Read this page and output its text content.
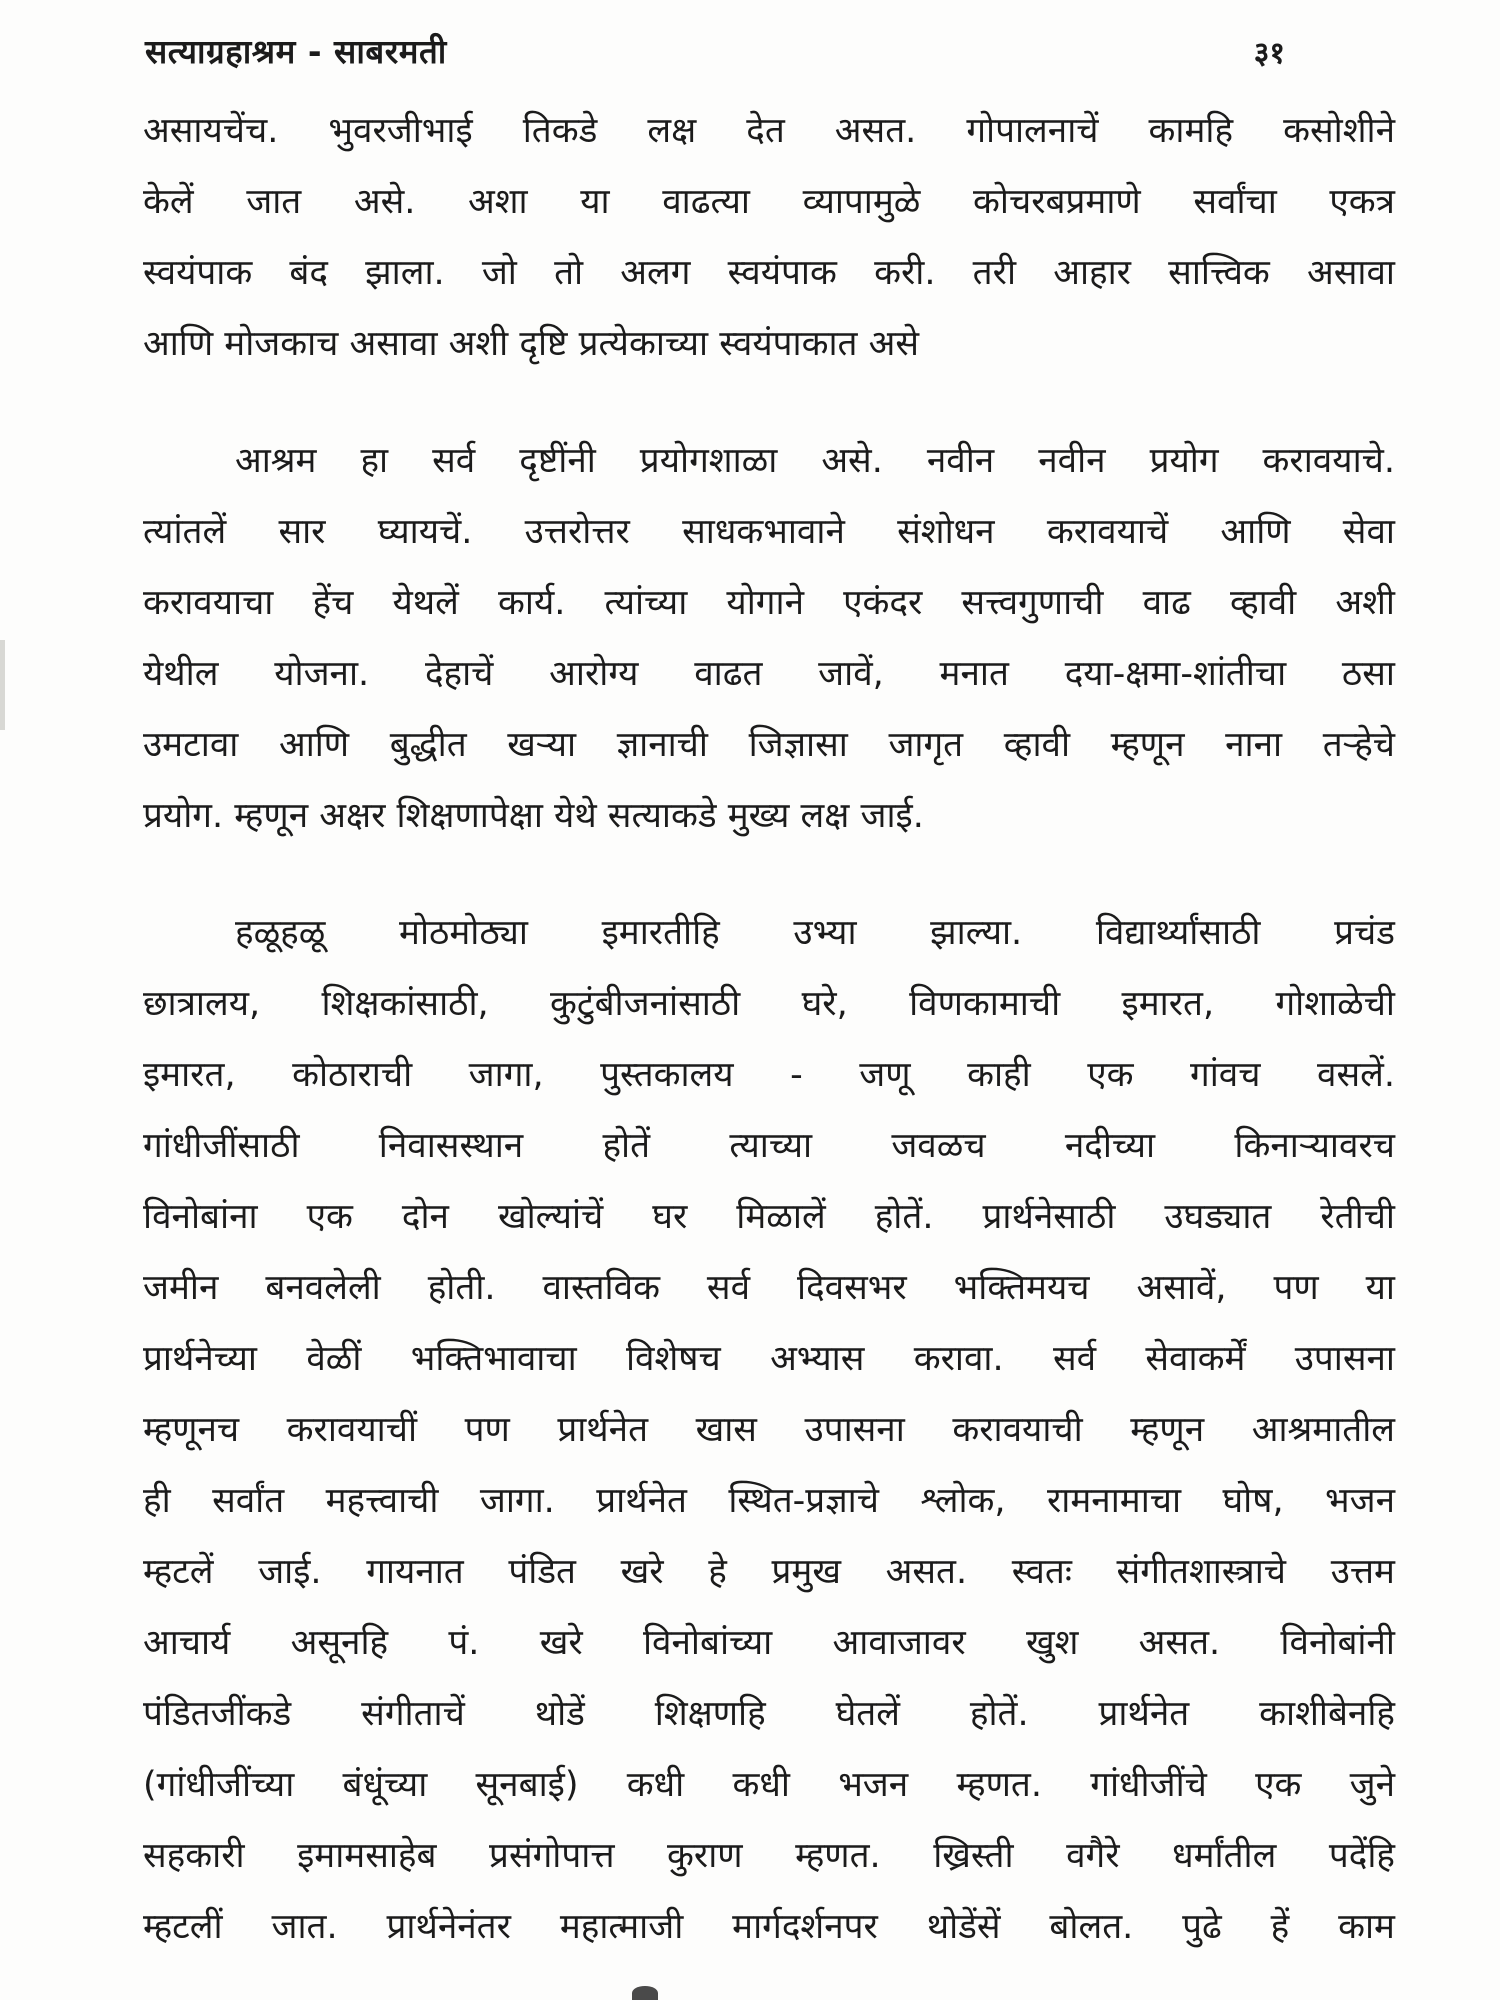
सत्याग्रहाश्रम - साबरमती	३१
असायचेंच. भुवरजीभाई तिकडे लक्ष देत असत. गोपालनाचें कामहि कसोशीने
केलें जात असे. अशा या वाढत्या व्यापामुळे कोचरबप्रमाणे सर्वांचा एकत्र
स्वयंपाक बंद झाला. जो तो अलग स्वयंपाक करी. तरी आहार सात्त्विक असावा
आणि मोजकाच असावा अशी दृष्टि प्रत्येकाच्या स्वयंपाकात असे
आश्रम हा सर्व दृष्टींनी प्रयोगशाळा असे. नवीन नवीन प्रयोग करावयाचे.
त्यांतलें सार घ्यायचें. उत्तरोत्तर साधकभावाने संशोधन करावयाचें आणि सेवा
करावयाचा हेंच येथलें कार्य. त्यांच्या योगाने एकंदर सत्त्वगुणाची वाढ व्हावी अशी
येथील योजना. देहाचें आरोग्य वाढत जावें, मनात दया-क्षमा-शांतीचा ठसा
उमटावा आणि बुद्धीत खऱ्या ज्ञानाची जिज्ञासा जागृत व्हावी म्हणून नाना तऱ्हेचे
प्रयोग. म्हणून अक्षर शिक्षणापेक्षा येथे सत्याकडे मुख्य लक्ष जाई.
हळूहळू मोठमोठ्या इमारतीहि उभ्या झाल्या. विद्यार्थ्यांसाठी प्रचंड
छात्रालय, शिक्षकांसाठी, कुटुंबीजनांसाठी घरे, विणकामाची इमारत, गोशाळेची
इमारत, कोठाराची जागा, पुस्तकालय - जणू काही एक गांवच वसलें.
गांधीजींसाठी निवासस्थान होतें त्याच्या जवळच नदीच्या किनाऱ्यावरच
विनोबांना एक दोन खोल्यांचें घर मिळालें होतें. प्रार्थनेसाठी उघड्यात रेतीची
जमीन बनवलेली होती. वास्तविक सर्व दिवसभर भक्तिमयच असावें, पण या
प्रार्थनेच्या वेळीं भक्तिभावाचा विशेषच अभ्यास करावा. सर्व सेवाकर्में उपासना
म्हणूनच करावयाचीं पण प्रार्थनेत खास उपासना करावयाची म्हणून आश्रमातील
ही सर्वांत महत्त्वाची जागा. प्रार्थनेत स्थित-प्रज्ञाचे श्लोक, रामनामाचा घोष, भजन
म्हटलें जाई. गायनात पंडित खरे हे प्रमुख असत. स्वतः संगीतशास्त्राचे उत्तम
आचार्य असूनहि पं. खरे विनोबांच्या आवाजावर खुश असत. विनोबांनी
पंडितजींकडे संगीताचें थोडें शिक्षणहि घेतलें होतें. प्रार्थनेत काशीबेनहि
(गांधीजींच्या बंधूंच्या सूनबाई) कधी कधी भजन म्हणत. गांधीजींचे एक जुने
सहकारी इमामसाहेब प्रसंगोपात्त कुराण म्हणत. ख्रिस्ती वगैरे धर्मांतील पदेंहि
म्हटलीं जात. प्रार्थनेनंतर महात्माजी मार्गदर्शनपर थोडेंसें बोलत. पुढे हें काम
